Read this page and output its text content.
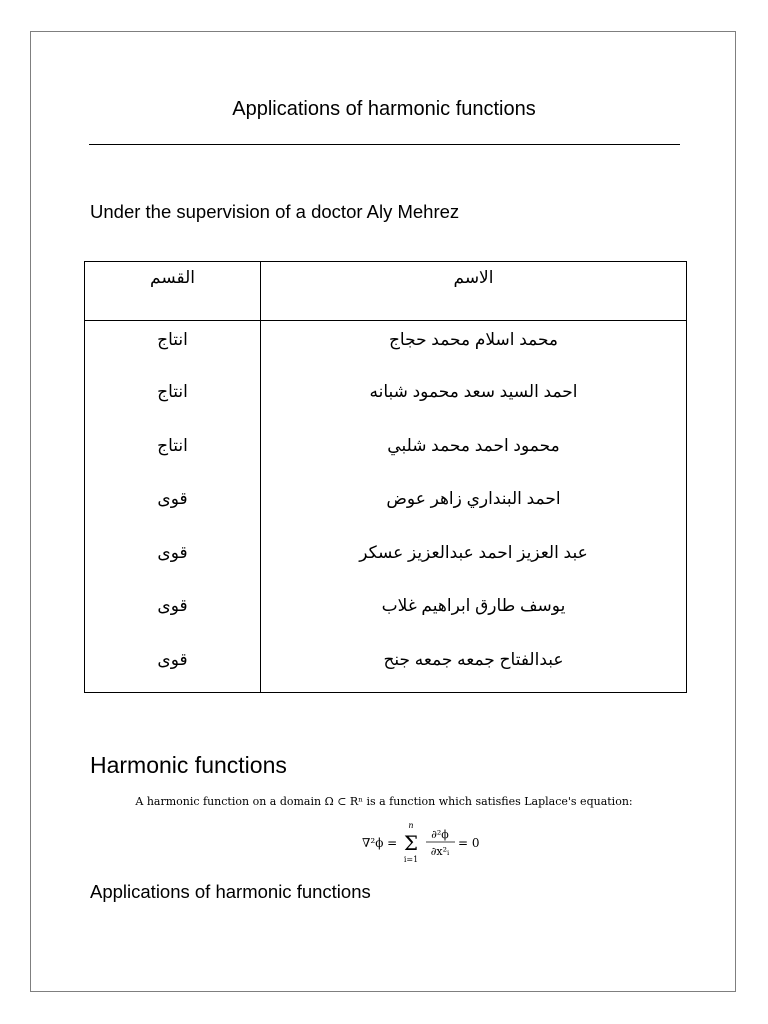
Applications of harmonic functions
Under the supervision of a doctor Aly Mehrez
القسم	الاسم
انتاج	محمد اسلام محمد حجاج
انتاج	احمد السيد سعد محمود شبانه
انتاج	محمود احمد محمد شلبي
قوى	احمد البنداري زاهر عوض
قوى	عبد العزيز احمد عبدالعزيز عسكر
قوى	يوسف طارق ابراهيم غلاب
قوى	عبدالفتاح جمعه جمعه جنح
Harmonic functions
A harmonic function on a domain Ω ⊂ Rⁿ is a function which satisfies Laplace's equation:
∇²ϕ =
n
Σ
i=1
∂²ϕ
∂x²ᵢ
= 0
Applications of harmonic functions
